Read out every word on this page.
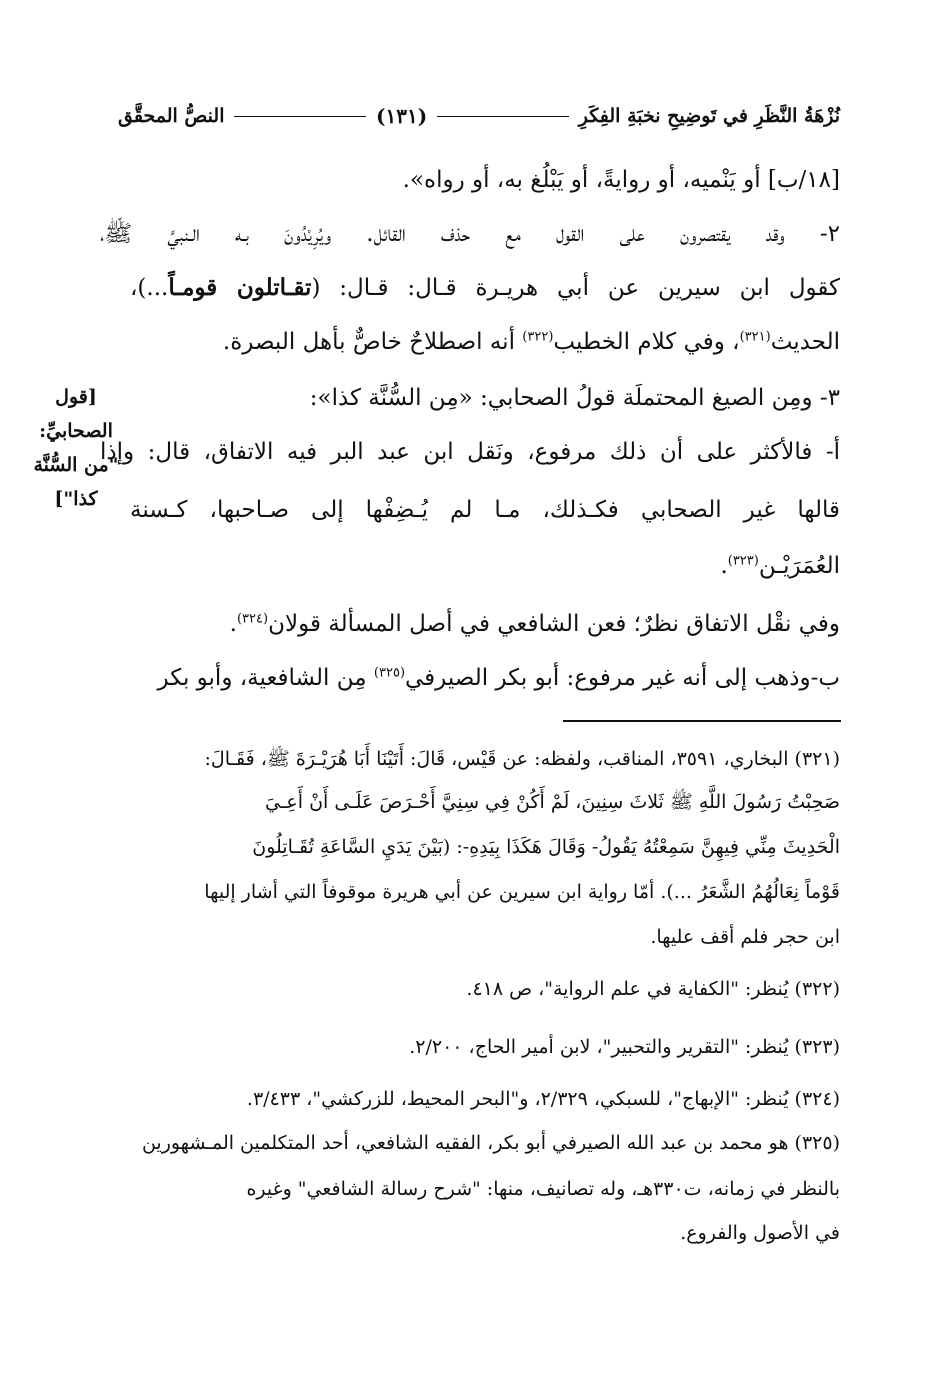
النصُّ المحقَّق	(١٣١)	نُزْهَةُ النَّظَرِ في تَوضِيحِ نخبَةِ الفِكَرِ
[١٨/ب] أو يَنْميه، أو روايةً، أو يَبْلُغ به، أو رواه».
٢- وقد يقتصرون على القول مع حذف القائل. ويُرِيْدُونَ بـه الـنبيَّ ﷺ،
كقول ابن سيرين عن أبي هريـرة قـال: قـال: (تقـاتلون قومـاً...)،
الحديث$^{(٣٢١)}$، وفي كلام الخطيب$^{(٣٢٢)}$ أنه اصطلاحٌ خاصٌّ بأهل البصرة.
٣- ومِن الصيغ المحتملَة قولُ الصحابي: «مِن السُّنَّة كذا»:
أ- فالأكثر على أن ذلك مرفوع، ونَقل ابن عبد البر فيه الاتفاق، قال: وإذا
قالها غير الصحابي فكـذلك، مـا لم يُـضِفْها إلى صـاحبها، كـسنة
العُمَرَيْـن$^{(٣٢٣)}$.
وفي نقْل الاتفاق نظرٌ؛ فعن الشافعي في أصل المسألة قولان$^{(٣٢٤)}$.
ب-وذهب إلى أنه غير مرفوع: أبو بكر الصيرفي$^{(٣٢٥)}$ مِن الشافعية، وأبو بكر
[قول
الصحابيِّ:
"من السُّنَّة
كذا"]
(٣٢١) البخاري، ٣٥٩١، المناقب، ولفظه: عن قَيْس، قَالَ: أَتَيْنَا أَبَا هُرَيْـرَةَ ﷺ، فَقَـالَ:
صَحِبْتُ رَسُولَ اللَّهِ ﷺ ثَلاثَ سِنِينَ، لَمْ أَكُنْ فِي سِنِيَّ أَحْـرَصَ عَلَـى أَنْ أَعِـيَ
الْحَدِيثَ مِنِّي فِيهِنَّ سَمِعْتُهُ يَقُولُ- وَقَالَ هَكَذَا بِيَدِهِ-: (بَيْنَ يَدَيِ السَّاعَةِ تُقَـاتِلُونَ
قَوْماً نِعَالُهُمُ الشَّعَرُ ...). أمّا رواية ابن سيرين عن أبي هريرة موقوفاً التي أشار إليها
ابن حجر فلم أقف عليها.
(٣٢٢) يُنظر: "الكفاية في علم الرواية"، ص ٤١٨.
(٣٢٣) يُنظر: "التقرير والتحبير"، لابن أمير الحاج، ٢/٢٠٠.
(٣٢٤) يُنظر: "الإبهاج"، للسبكي، ٢/٣٢٩، و"البحر المحيط، للزركشي"، ٣/٤٣٣.
(٣٢٥) هو محمد بن عبد الله الصيرفي أبو بكر، الفقيه الشافعي، أحد المتكلمين المـشهورين
بالنظر في زمانه، ت٣٣٠هـ، وله تصانيف، منها: "شرح رسالة الشافعي" وغيره
في الأصول والفروع.
